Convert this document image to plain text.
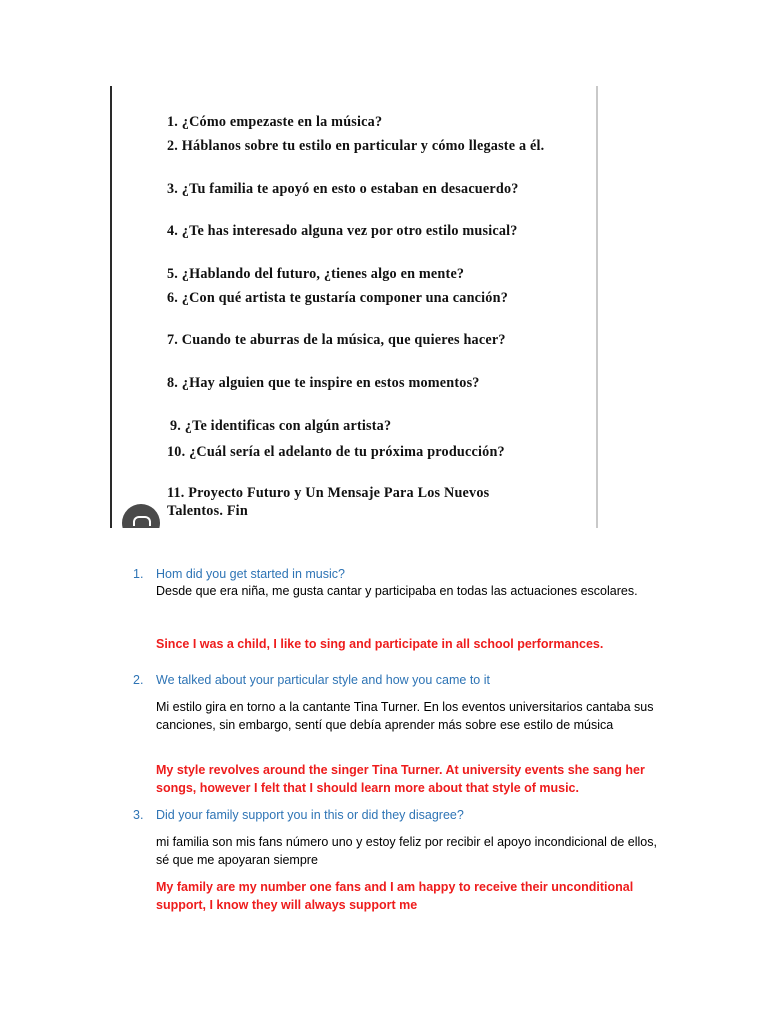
1. ¿Cómo empezaste en la música?
2. Háblanos sobre tu estilo en particular y cómo llegaste a él.
3. ¿Tu familia te apoyó en esto o estaban en desacuerdo?
4. ¿Te has interesado alguna vez por otro estilo musical?
5. ¿Hablando del futuro, ¿tienes algo en mente?
6. ¿Con qué artista te gustaría componer una canción?
7. Cuando te aburras de la música, que quieres hacer?
8. ¿Hay alguien que te inspire en estos momentos?
9. ¿Te identificas con algún artista?
10. ¿Cuál sería el adelanto de tu próxima producción?
11. Proyecto Futuro y Un Mensaje Para Los Nuevos Talentos. Fin
1. Hom did you get started in music?
Desde que era niña, me gusta cantar y participaba en todas las actuaciones escolares.
Since I was a child, I like to sing and participate in all school performances.
2. We talked about your particular style and how you came to it
Mi estilo gira en torno a la cantante Tina Turner. En los eventos universitarios cantaba sus canciones, sin embargo, sentí que debía aprender más sobre ese estilo de música
My style revolves around the singer Tina Turner. At university events she sang her songs, however I felt that I should learn more about that style of music.
3. Did your family support you in this or did they disagree?
mi familia son mis fans número uno y estoy feliz por recibir el apoyo incondicional de ellos, sé que me apoyaran siempre
My family are my number one fans and I am happy to receive their unconditional support, I know they will always support me
